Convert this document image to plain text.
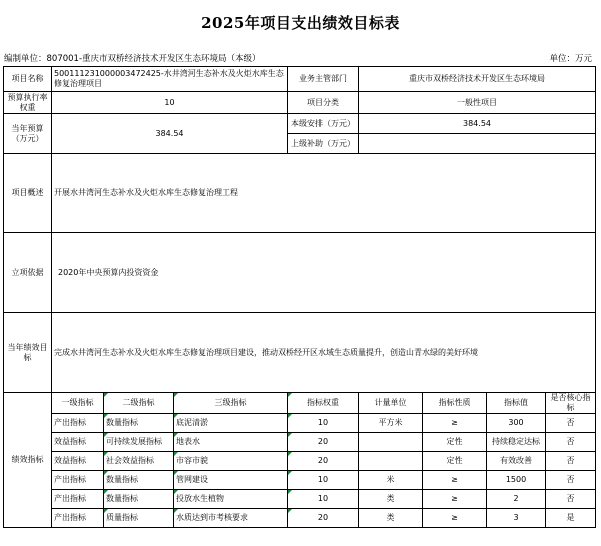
2025年项目支出绩效目标表
编制单位：807001-重庆市双桥经济技术开发区生态环境局（本级）	单位：万元
项目名称	500111231000003472425-水井湾河生态补水及火炬水库生态修复治理项目			业务主管部门	重庆市双桥经济技术开发区生态环境局			
预算执行率权重	10			项目分类	一般性项目			
当年预算（万元）	384.54			本级安排（万元）	384.54			
				上级补助（万元）				
项目概述	开展水井湾河生态补水及火炬水库生态修复治理工程							
立项依据	2020年中央预算内投资资金							
当年绩效目标	完成水井湾河生态补水及火炬水库生态修复治理项目建设，推动双桥经开区水域生态质量提升，创造山青水绿的美好环境							
绩效指标	一级指标	二级指标	三级指标	指标权重	计量单位	指标性质	指标值	是否核心指标
	产出指标	数量指标	底泥清淤	10	平方米	≥	300	否
	效益指标	可持续发展指标	地表水	20		定性	持续稳定达标	否
	效益指标	社会效益指标	市容市貌	20		定性	有效改善	否
	产出指标	数量指标	管网建设	10	米	≥	1500	否
	产出指标	数量指标	投放水生植物	10	类	≥	2	否
	产出指标	质量指标	水质达到市考核要求	20	类	≥	3	是
